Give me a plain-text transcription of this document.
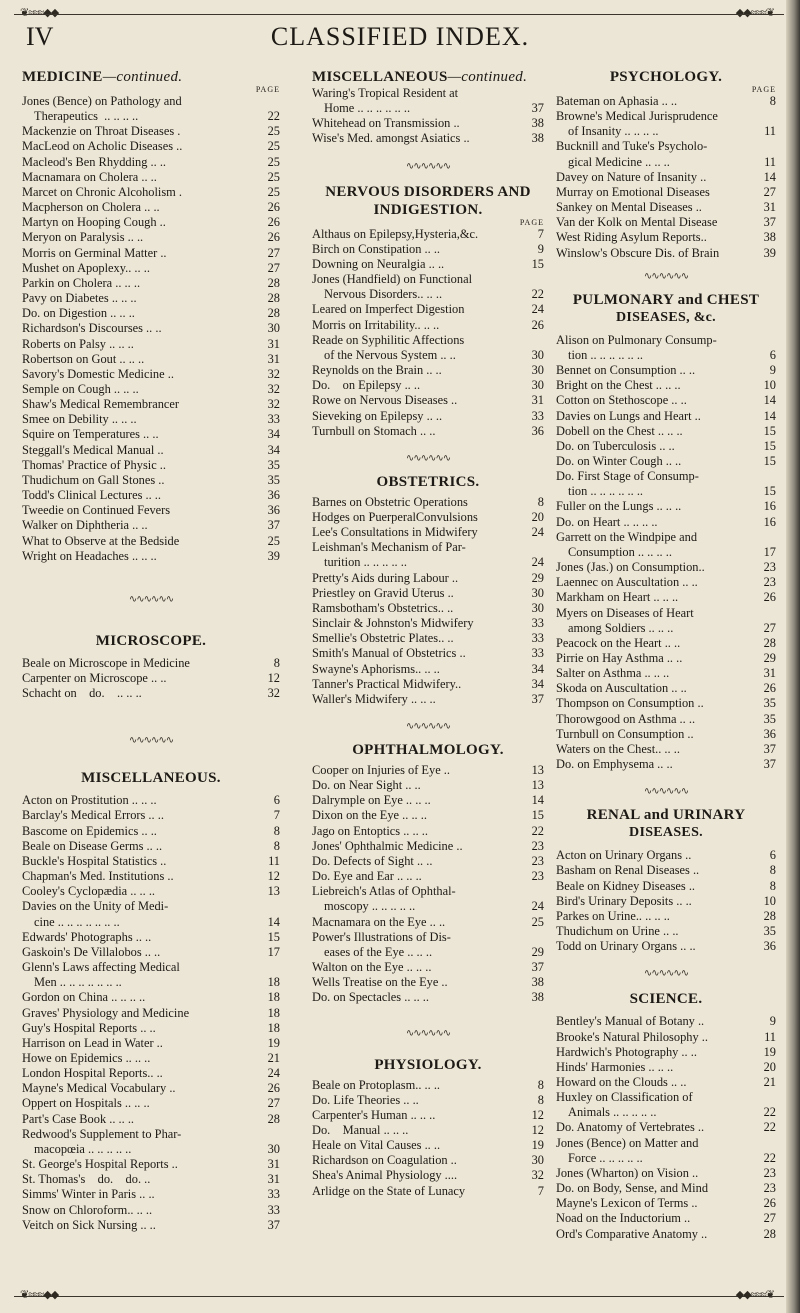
❦≈≈≈◆◆	◆◆≈≈≈❦
IV	CLASSIFIED INDEX.
❦≈≈≈◆◆	◆◆≈≈≈❦
MEDICINE—continued.
PAGE
Jones (Bence) on Pathology and
Therapeutics  .. .. .. ..	22
Mackenzie on Throat Diseases .	25
MacLeod on Acholic Diseases ..	25
Macleod's Ben Rhydding .. ..	25
Macnamara on Cholera .. ..	25
Marcet on Chronic Alcoholism .	25
Macpherson on Cholera .. ..	26
Martyn on Hooping Cough ..	26
Meryon on Paralysis .. ..	26
Morris on Germinal Matter ..	27
Mushet on Apoplexy.. .. ..	27
Parkin on Cholera .. .. ..	28
Pavy on Diabetes .. .. ..	28
Do. on Digestion .. .. ..	28
Richardson's Discourses .. ..	30
Roberts on Palsy .. .. ..	31
Robertson on Gout .. .. ..	31
Savory's Domestic Medicine ..	32
Semple on Cough .. .. ..	32
Shaw's Medical Remembrancer	32
Smee on Debility .. .. ..	33
Squire on Temperatures .. ..	34
Steggall's Medical Manual ..	34
Thomas' Practice of Physic ..	35
Thudichum on Gall Stones ..	35
Todd's Clinical Lectures .. ..	36
Tweedie on Continued Fevers	36
Walker on Diphtheria .. ..	37
What to Observe at the Bedside	25
Wright on Headaches .. .. ..	39
∿∿∿∿∿∿
MICROSCOPE.
Beale on Microscope in Medicine	8
Carpenter on Microscope .. ..	12
Schacht on    do.    .. .. ..	32
∿∿∿∿∿∿
MISCELLANEOUS.
Acton on Prostitution .. .. ..	6
Barclay's Medical Errors .. ..	7
Bascome on Epidemics .. ..	8
Beale on Disease Germs .. ..	8
Buckle's Hospital Statistics ..	11
Chapman's Med. Institutions ..	12
Cooley's Cyclopædia .. .. ..	13
Davies on the Unity of Medi-
cine .. .. .. .. .. .. ..	14
Edwards' Photographs .. ..	15
Gaskoin's De Villalobos .. ..	17
Glenn's Laws affecting Medical
Men .. .. .. .. .. .. ..	18
Gordon on China .. .. .. ..	18
Graves' Physiology and Medicine	18
Guy's Hospital Reports .. ..	18
Harrison on Lead in Water ..	19
Howe on Epidemics .. .. ..	21
London Hospital Reports.. ..	24
Mayne's Medical Vocabulary ..	26
Oppert on Hospitals .. .. ..	27
Part's Case Book .. .. ..	28
Redwood's Supplement to Phar-
macopœia .. .. .. .. ..	30
St. George's Hospital Reports ..	31
St. Thomas's    do.    do. ..	31
Simms' Winter in Paris .. ..	33
Snow on Chloroform.. .. ..	33
Veitch on Sick Nursing .. ..	37
MISCELLANEOUS—continued.
Waring's Tropical Resident at
Home .. .. .. .. .. ..	37
Whitehead on Transmission ..	38
Wise's Med. amongst Asiatics ..	38
∿∿∿∿∿∿
NERVOUS DISORDERS AND INDIGESTION.
PAGE
Althaus on Epilepsy,Hysteria,&c.	7
Birch on Constipation .. ..	9
Downing on Neuralgia .. ..	15
Jones (Handfield) on Functional
Nervous Disorders.. .. ..	22
Leared on Imperfect Digestion	24
Morris on Irritability.. .. ..	26
Reade on Syphilitic Affections
of the Nervous System .. ..	30
Reynolds on the Brain .. ..	30
Do.    on Epilepsy .. ..	30
Rowe on Nervous Diseases ..	31
Sieveking on Epilepsy .. ..	33
Turnbull on Stomach .. ..	36
∿∿∿∿∿∿
OBSTETRICS.
Barnes on Obstetric Operations	8
Hodges on PuerperalConvulsions	20
Lee's Consultations in Midwifery	24
Leishman's Mechanism of Par-
turition .. .. .. .. ..	24
Pretty's Aids during Labour ..	29
Priestley on Gravid Uterus ..	30
Ramsbotham's Obstetrics.. ..	30
Sinclair & Johnston's Midwifery	33
Smellie's Obstetric Plates.. ..	33
Smith's Manual of Obstetrics ..	33
Swayne's Aphorisms.. .. ..	34
Tanner's Practical Midwifery..	34
Waller's Midwifery .. .. ..	37
∿∿∿∿∿∿
OPHTHALMOLOGY.
Cooper on Injuries of Eye ..	13
Do. on Near Sight .. ..	13
Dalrymple on Eye .. .. ..	14
Dixon on the Eye .. .. ..	15
Jago on Entoptics .. .. ..	22
Jones' Ophthalmic Medicine ..	23
Do. Defects of Sight .. ..	23
Do. Eye and Ear .. .. ..	23
Liebreich's Atlas of Ophthal-
moscopy .. .. .. .. ..	24
Macnamara on the Eye .. ..	25
Power's Illustrations of Dis-
eases of the Eye .. .. ..	29
Walton on the Eye .. .. ..	37
Wells Treatise on the Eye ..	38
Do. on Spectacles .. .. ..	38
∿∿∿∿∿∿
PHYSIOLOGY.
Beale on Protoplasm.. .. ..	8
Do. Life Theories .. ..	8
Carpenter's Human .. .. ..	12
Do.    Manual .. .. ..	12
Heale on Vital Causes .. ..	19
Richardson on Coagulation ..	30
Shea's Animal Physiology ....	32
Arlidge on the State of Lunacy	7
PSYCHOLOGY.
PAGE
Bateman on Aphasia .. ..	8
Browne's Medical Jurisprudence
of Insanity .. .. .. ..	11
Bucknill and Tuke's Psycholo-
gical Medicine .. .. ..	11
Davey on Nature of Insanity ..	14
Murray on Emotional Diseases	27
Sankey on Mental Diseases ..	31
Van der Kolk on Mental Disease	37
West Riding Asylum Reports..	38
Winslow's Obscure Dis. of Brain	39
∿∿∿∿∿∿
PULMONARY and CHEST
DISEASES, &c.
Alison on Pulmonary Consump-
tion .. .. .. .. .. ..	6
Bennet on Consumption .. ..	9
Bright on the Chest .. .. ..	10
Cotton on Stethoscope .. ..	14
Davies on Lungs and Heart ..	14
Dobell on the Chest .. .. ..	15
Do. on Tuberculosis .. ..	15
Do. on Winter Cough .. ..	15
Do. First Stage of Consump-
tion .. .. .. .. .. ..	15
Fuller on the Lungs .. .. ..	16
Do. on Heart .. .. .. ..	16
Garrett on the Windpipe and
Consumption .. .. .. ..	17
Jones (Jas.) on Consumption..	23
Laennec on Auscultation .. ..	23
Markham on Heart .. .. ..	26
Myers on Diseases of Heart
among Soldiers .. .. ..	27
Peacock on the Heart .. ..	28
Pirrie on Hay Asthma .. ..	29
Salter on Asthma .. .. ..	31
Skoda on Auscultation .. ..	26
Thompson on Consumption ..	35
Thorowgood on Asthma .. ..	35
Turnbull on Consumption ..	36
Waters on the Chest.. .. ..	37
Do. on Emphysema .. ..	37
∿∿∿∿∿∿
RENAL and URINARY
DISEASES.
Acton on Urinary Organs ..	6
Basham on Renal Diseases ..	8
Beale on Kidney Diseases ..	8
Bird's Urinary Deposits .. ..	10
Parkes on Urine.. .. .. ..	28
Thudichum on Urine .. ..	35
Todd on Urinary Organs .. ..	36
∿∿∿∿∿∿
SCIENCE.
Bentley's Manual of Botany ..	9
Brooke's Natural Philosophy ..	11
Hardwich's Photography .. ..	19
Hinds' Harmonies .. .. ..	20
Howard on the Clouds .. ..	21
Huxley on Classification of
Animals .. .. .. .. ..	22
Do. Anatomy of Vertebrates ..	22
Jones (Bence) on Matter and
Force .. .. .. .. ..	22
Jones (Wharton) on Vision ..	23
Do. on Body, Sense, and Mind	23
Mayne's Lexicon of Terms ..	26
Noad on the Inductorium ..	27
Ord's Comparative Anatomy ..	28
